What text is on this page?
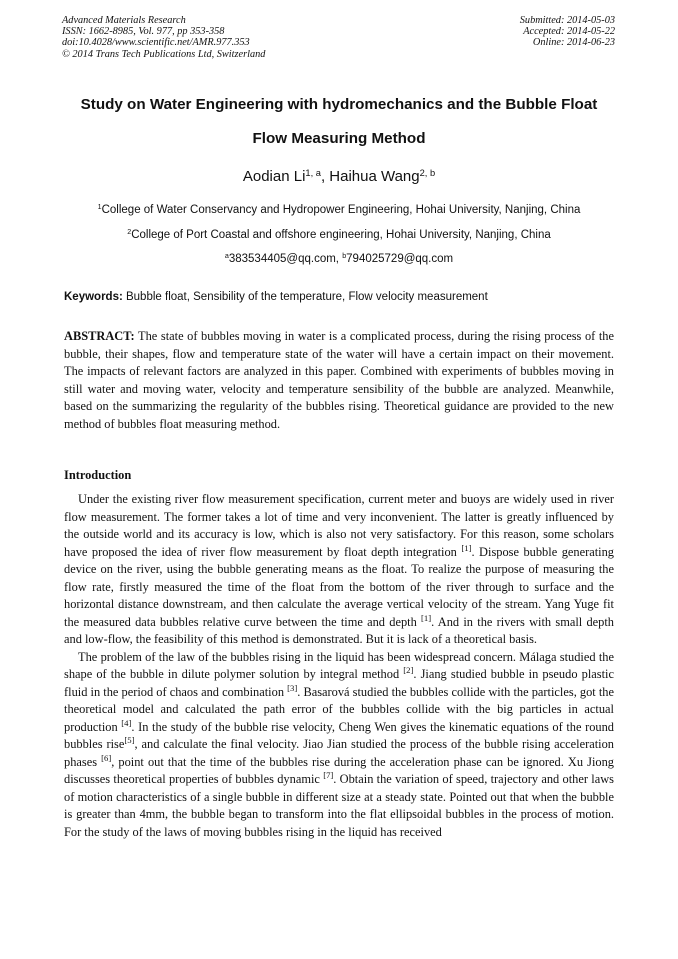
Advanced Materials Research
ISSN: 1662-8985, Vol. 977, pp 353-358
doi:10.4028/www.scientific.net/AMR.977.353
© 2014 Trans Tech Publications Ltd, Switzerland
Submitted: 2014-05-03
Accepted: 2014-05-22
Online: 2014-06-23
Study on Water Engineering with hydromechanics and the Bubble Float
Flow Measuring Method
Aodian Li$^{1, a}$, Haihua Wang$^{2, b}$
$^1$College of Water Conservancy and Hydropower Engineering, Hohai University, Nanjing, China
$^2$College of Port Coastal and offshore engineering, Hohai University, Nanjing, China
$^a$383534405@qq.com, $^b$794025729@qq.com
Keywords: Bubble float, Sensibility of the temperature, Flow velocity measurement
ABSTRACT: The state of bubbles moving in water is a complicated process, during the rising process of the bubble, their shapes, flow and temperature state of the water will have a certain impact on their movement. The impacts of relevant factors are analyzed in this paper. Combined with experiments of bubbles moving in still water and moving water, velocity and temperature sensibility of the bubble are analyzed. Meanwhile, based on the summarizing the regularity of the bubbles rising. Theoretical guidance are provided to the new method of bubbles float measuring method.
Introduction

Under the existing river flow measurement specification, current meter and buoys are widely used in river flow measurement. The former takes a lot of time and very inconvenient. The latter is greatly influenced by the outside world and its accuracy is low, which is also not very satisfactory. For this reason, some scholars have proposed the idea of river flow measurement by float depth integration [1]. Dispose bubble generating device on the river, using the bubble generating means as the float. To realize the purpose of measuring the flow rate, firstly measured the time of the float from the bottom of the river through to surface and the horizontal distance downstream, and then calculate the average vertical velocity of the stream. Yang Yuge fit the measured data bubbles relative curve between the time and depth [1]. And in the rivers with small depth and low-flow, the feasibility of this method is demonstrated. But it is lack of a theoretical basis.

The problem of the law of the bubbles rising in the liquid has been widespread concern. Málaga studied the shape of the bubble in dilute polymer solution by integral method [2]. Jiang studied bubble in pseudo plastic fluid in the period of chaos and combination [3]. Basarová studied the bubbles collide with the particles, got the theoretical model and calculated the path error of the bubbles collide with the big particles in actual production [4]. In the study of the bubble rise velocity, Cheng Wen gives the kinematic equations of the round bubbles rise[5], and calculate the final velocity. Jiao Jian studied the process of the bubble rising acceleration phases [6], point out that the time of the bubbles rise during the acceleration phase can be ignored. Xu Jiong discusses theoretical properties of bubbles dynamic [7]. Obtain the variation of speed, trajectory and other laws of motion characteristics of a single bubble in different size at a steady state. Pointed out that when the bubble is greater than 4mm, the bubble began to transform into the flat ellipsoidal bubbles in the process of motion. For the study of the laws of moving bubbles rising in the liquid has received
